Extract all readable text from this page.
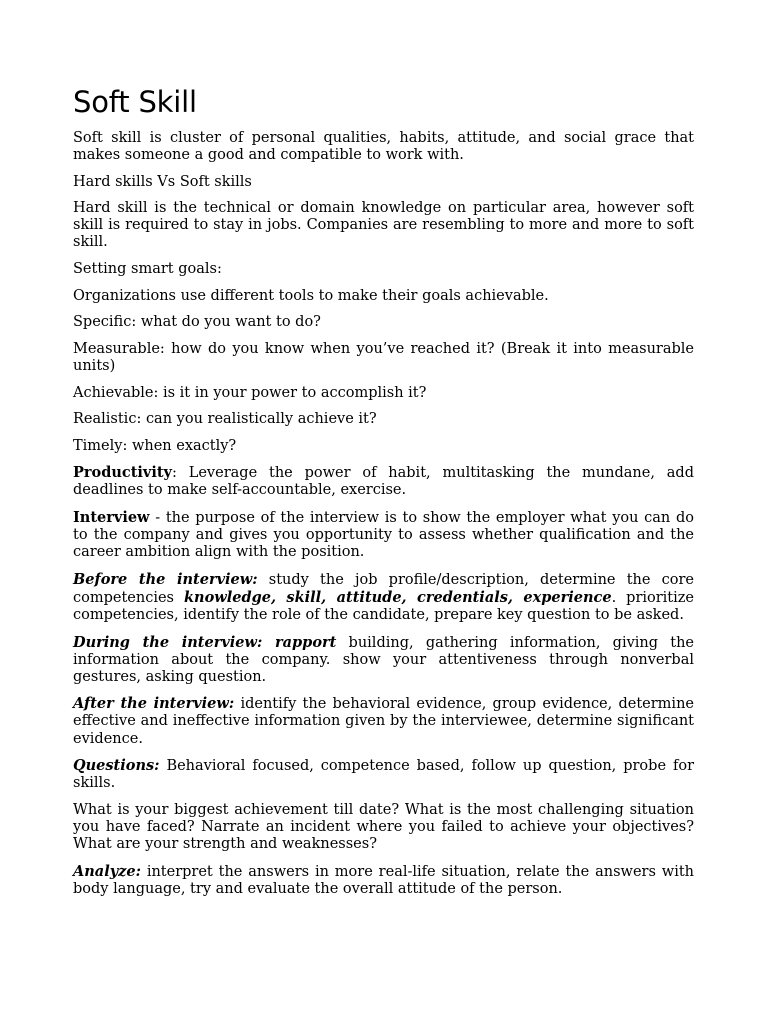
Soft Skill

Soft skill is cluster of personal qualities, habits, attitude, and social grace that makes someone a good and compatible to work with.

Hard skills Vs Soft skills

Hard skill is the technical or domain knowledge on particular area, however soft skill is required to stay in jobs. Companies are resembling to more and more to soft skill.

Setting smart goals:

Organizations use different tools to make their goals achievable.

Specific: what do you want to do?

Measurable: how do you know when you’ve reached it? (Break it into measurable units)

Achievable: is it in your power to accomplish it?

Realistic: can you realistically achieve it?

Timely: when exactly?

Productivity: Leverage the power of habit, multitasking the mundane, add deadlines to make self-accountable, exercise.

Interview - the purpose of the interview is to show the employer what you can do to the company and gives you opportunity to assess whether qualification and the career ambition align with the position.

Before the interview: study the job profile/description, determine the core competencies knowledge, skill, attitude, credentials, experience. prioritize competencies, identify the role of the candidate, prepare key question to be asked.

During the interview: rapport building, gathering information, giving the information about the company. show your attentiveness through nonverbal gestures, asking question.

After the interview: identify the behavioral evidence, group evidence, determine effective and ineffective information given by the interviewee, determine significant evidence.

Questions: Behavioral focused, competence based, follow up question, probe for skills.

What is your biggest achievement till date? What is the most challenging situation you have faced? Narrate an incident where you failed to achieve your objectives? What are your strength and weaknesses?

Analyze: interpret the answers in more real-life situation, relate the answers with body language, try and evaluate the overall attitude of the person.
